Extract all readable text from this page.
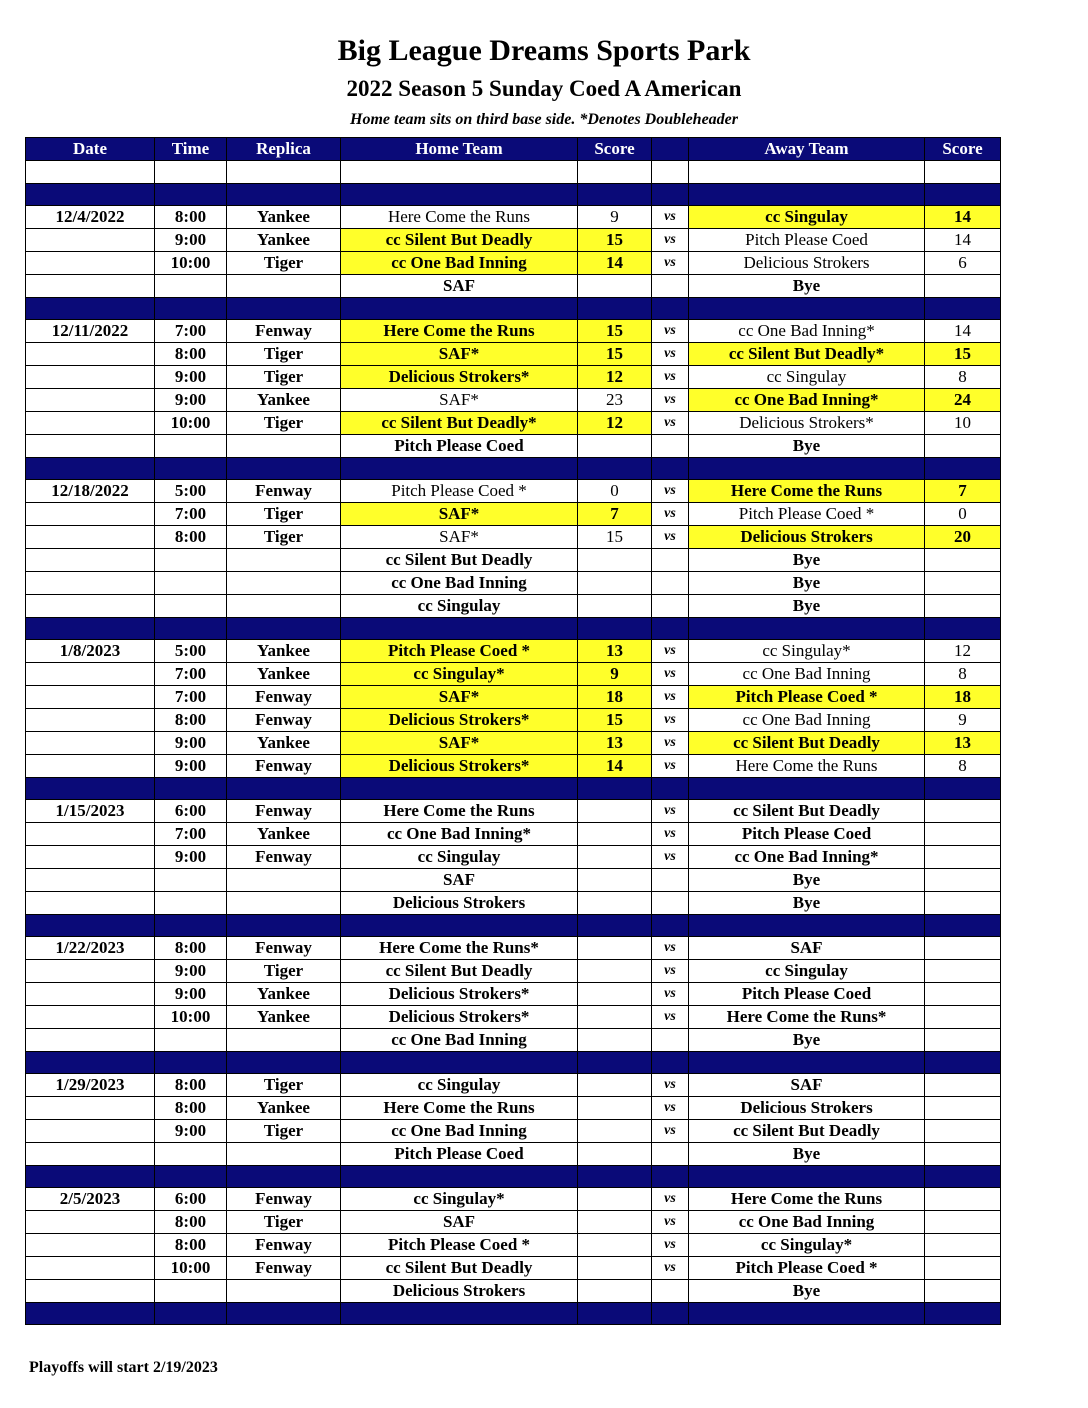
Big League Dreams Sports Park
2022 Season 5 Sunday Coed A American
Home team sits on third base side. *Denotes Doubleheader
Date	Time	Replica	Home Team	Score		Away Team	Score

12/4/2022	8:00	Yankee	Here Come the Runs	9	vs	cc Singulay	14
	9:00	Yankee	cc Silent But Deadly	15	vs	Pitch Please Coed	14
	10:00	Tiger	cc One Bad Inning	14	vs	Delicious Strokers	6
			SAF			Bye	

12/11/2022	7:00	Fenway	Here Come the Runs	15	vs	cc One Bad Inning*	14
	8:00	Tiger	SAF*	15	vs	cc Silent But Deadly*	15
	9:00	Tiger	Delicious Strokers*	12	vs	cc Singulay	8
	9:00	Yankee	SAF*	23	vs	cc One Bad Inning*	24
	10:00	Tiger	cc Silent But Deadly*	12	vs	Delicious Strokers*	10
			Pitch Please Coed			Bye	

12/18/2022	5:00	Fenway	Pitch Please Coed *	0	vs	Here Come the Runs	7
	7:00	Tiger	SAF*	7	vs	Pitch Please Coed *	0
	8:00	Tiger	SAF*	15	vs	Delicious Strokers	20
			cc Silent But Deadly			Bye	
			cc One Bad Inning			Bye	
			cc Singulay			Bye	

1/8/2023	5:00	Yankee	Pitch Please Coed *	13	vs	cc Singulay*	12
	7:00	Yankee	cc Singulay*	9	vs	cc One Bad Inning	8
	7:00	Fenway	SAF*	18	vs	Pitch Please Coed *	18
	8:00	Fenway	Delicious Strokers*	15	vs	cc One Bad Inning	9
	9:00	Yankee	SAF*	13	vs	cc Silent But Deadly	13
	9:00	Fenway	Delicious Strokers*	14	vs	Here Come the Runs	8

1/15/2023	6:00	Fenway	Here Come the Runs		vs	cc Silent But Deadly	
	7:00	Yankee	cc One Bad Inning*		vs	Pitch Please Coed	
	9:00	Fenway	cc Singulay		vs	cc One Bad Inning*	
			SAF			Bye	
			Delicious Strokers			Bye	

1/22/2023	8:00	Fenway	Here Come the Runs*		vs	SAF	
	9:00	Tiger	cc Silent But Deadly		vs	cc Singulay	
	9:00	Yankee	Delicious Strokers*		vs	Pitch Please Coed	
	10:00	Yankee	Delicious Strokers*		vs	Here Come the Runs*	
			cc One Bad Inning			Bye	

1/29/2023	8:00	Tiger	cc Singulay		vs	SAF	
	8:00	Yankee	Here Come the Runs		vs	Delicious Strokers	
	9:00	Tiger	cc One Bad Inning		vs	cc Silent But Deadly	
			Pitch Please Coed			Bye	

2/5/2023	6:00	Fenway	cc Singulay*		vs	Here Come the Runs	
	8:00	Tiger	SAF		vs	cc One Bad Inning	
	8:00	Fenway	Pitch Please Coed *		vs	cc Singulay*	
	10:00	Fenway	cc Silent But Deadly		vs	Pitch Please Coed *	
			Delicious Strokers			Bye	

Playoffs will start 2/19/2023
